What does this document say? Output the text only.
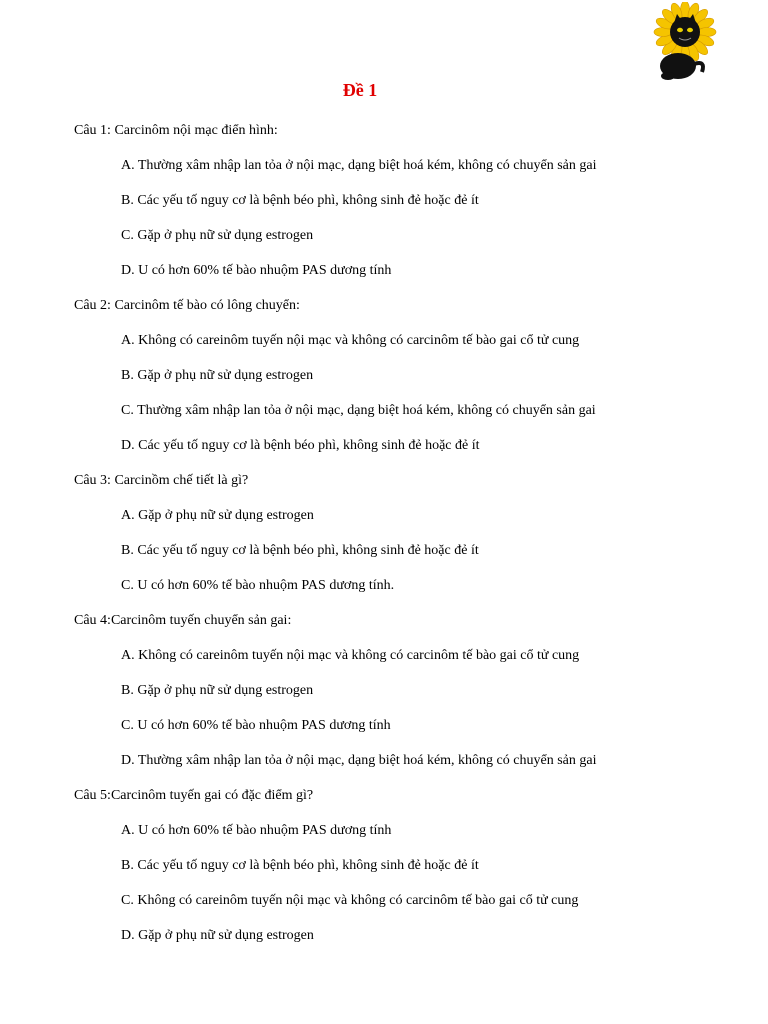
Đề 1
Câu 1: Carcinôm nội mạc điển hình:
A. Thường xâm nhập lan tỏa ở nội mạc, dạng biệt hoá kém, không có chuyển sản gai
B. Các yếu tố nguy cơ là bệnh béo phì, không sinh đẻ hoặc đẻ ít
C. Gặp ở phụ nữ sử dụng estrogen
D. U có hơn 60% tế bào nhuộm PAS dương tính
Câu 2: Carcinôm tế bào có lông chuyển:
A. Không có careinôm tuyến nội mạc và không có carcinôm tế bào gai cổ tử cung
B. Gặp ở phụ nữ sử dụng estrogen
C. Thường xâm nhập lan tỏa ở nội mạc, dạng biệt hoá kém, không có chuyển sản gai
D. Các yếu tố nguy cơ là bệnh béo phì, không sinh đẻ hoặc đẻ ít
Câu 3: Carcinồm chế tiết là gì?
A. Gặp ở phụ nữ sử dụng estrogen
B. Các yếu tố nguy cơ là bệnh béo phì, không sinh đẻ hoặc đẻ ít
C. U có hơn 60% tế bào nhuộm PAS dương tính.
Câu 4:Carcinôm tuyến chuyển sản gai:
A. Không có careinôm tuyến nội mạc và không có carcinôm tế bào gai cổ tử cung
B. Gặp ở phụ nữ sử dụng estrogen
C. U có hơn 60% tế bào nhuộm PAS dương tính
D. Thường xâm nhập lan tỏa ở nội mạc, dạng biệt hoá kém, không có chuyển sản gai
Câu 5:Carcinôm tuyến gai có đặc điểm gì?
A. U có hơn 60% tế bào nhuộm PAS dương tính
B. Các yếu tố nguy cơ là bệnh béo phì, không sinh đẻ hoặc đẻ ít
C. Không có careinôm tuyến nội mạc và không có carcinôm tế bào gai cổ tử cung
D. Gặp ở phụ nữ sử dụng estrogen
